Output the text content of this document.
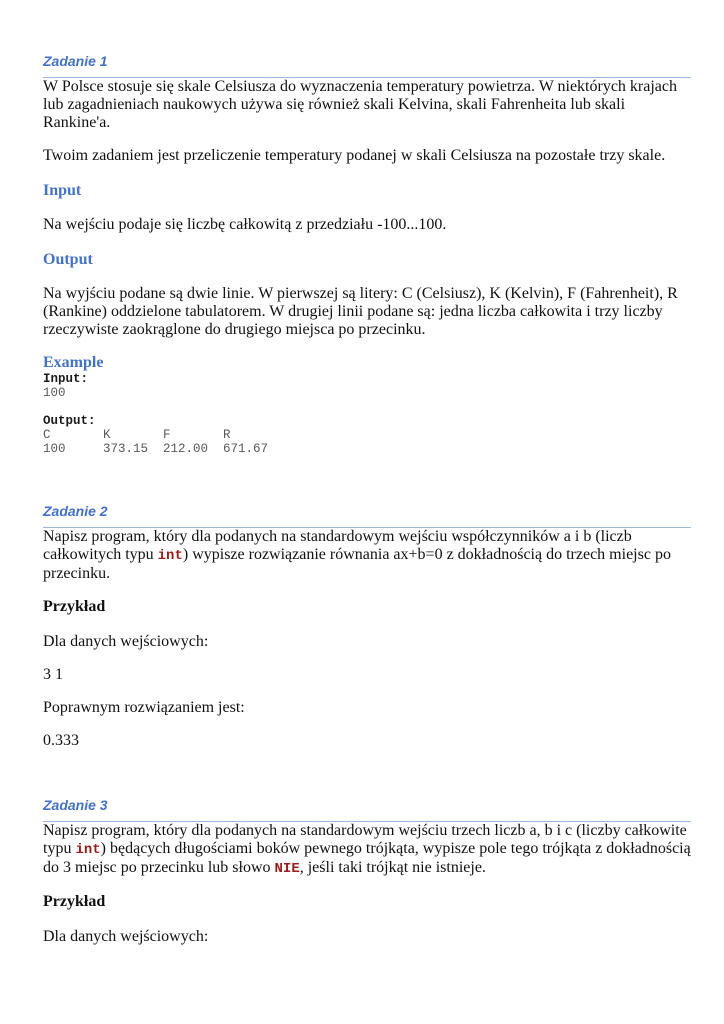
Zadanie 1

W Polsce stosuje się skale Celsiusza do wyznaczenia temperatury powietrza. W niektórych krajach lub zagadnieniach naukowych używa się również skali Kelvina, skali Fahrenheita lub skali Rankine'a.

Twoim zadaniem jest przeliczenie temperatury podanej w skali Celsiusza na pozostałe trzy skale.

Input

Na wejściu podaje się liczbę całkowitą z przedziału -100...100.

Output

Na wyjściu podane są dwie linie. W pierwszej są litery: C (Celsiusz), K (Kelvin), F (Fahrenheit), R (Rankine) oddzielone tabulatorem. W drugiej linii podane są: jedna liczba całkowita i trzy liczby rzeczywiste zaokrąglone do drugiego miejsca po przecinku.

Example
Input:
100
Output:
C       K       F       R
100     373.15  212.00  671.67
Zadanie 2

Napisz program, który dla podanych na standardowym wejściu współczynników a i b (liczb całkowitych typu int) wypisze rozwiązanie równania ax+b=0 z dokładnością do trzech miejsc po przecinku.

Przykład

Dla danych wejściowych:

3 1

Poprawnym rozwiązaniem jest:

0.333

Zadanie 3

Napisz program, który dla podanych na standardowym wejściu trzech liczb a, b i c (liczby całkowite typu int) będących długościami boków pewnego trójkąta, wypisze pole tego trójkąta z dokładnością do 3 miejsc po przecinku lub słowo NIE, jeśli taki trójkąt nie istnieje.

Przykład

Dla danych wejściowych:
